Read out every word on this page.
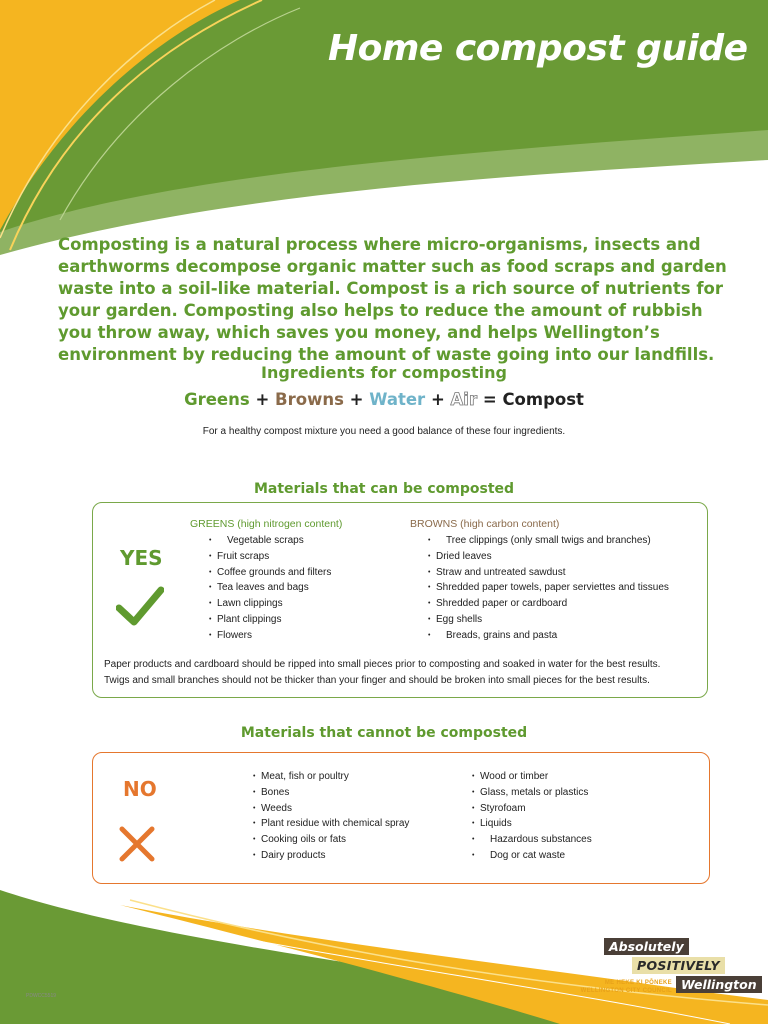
Home compost guide
Composting is a natural process where micro-organisms, insects and earthworms decompose organic matter such as food scraps and garden waste into a soil-like material. Compost is a rich source of nutrients for your garden. Composting also helps to reduce the amount of rubbish you throw away, which saves you money, and helps Wellington’s environment by reducing the amount of waste going into our landfills.
Ingredients for composting
Greens + Browns + Water + Air = Compost
For a healthy compost mixture you need a good balance of these four ingredients.
Materials that can be composted
YES
GREENS (high nitrogen content)
• Vegetable scraps
• Fruit scraps
• Coffee grounds and filters
• Tea leaves and bags
• Lawn clippings
• Plant clippings
• Flowers
BROWNS (high carbon content)
• Tree clippings (only small twigs and branches)
• Dried leaves
• Straw and untreated sawdust
• Shredded paper towels, paper serviettes and tissues
• Shredded paper or cardboard
• Egg shells
• Breads, grains and pasta
Paper products and cardboard should be ripped into small pieces prior to composting and soaked in water for the best results.
Twigs and small branches should not be thicker than your finger and should be broken into small pieces for the best results.
Materials that cannot be composted
NO
• Meat, fish or poultry
• Bones
• Weeds
• Plant residue with chemical spray
• Cooking oils or fats
• Dairy products
• Wood or timber
• Glass, metals or plastics
• Styrofoam
• Liquids
• Hazardous substances
• Dog or cat waste
PDWCC5519
Absolutely
POSITIVELY
ME HEKE KI PŌNEKE
WELLINGTON CITY COUNCIL Wellington
